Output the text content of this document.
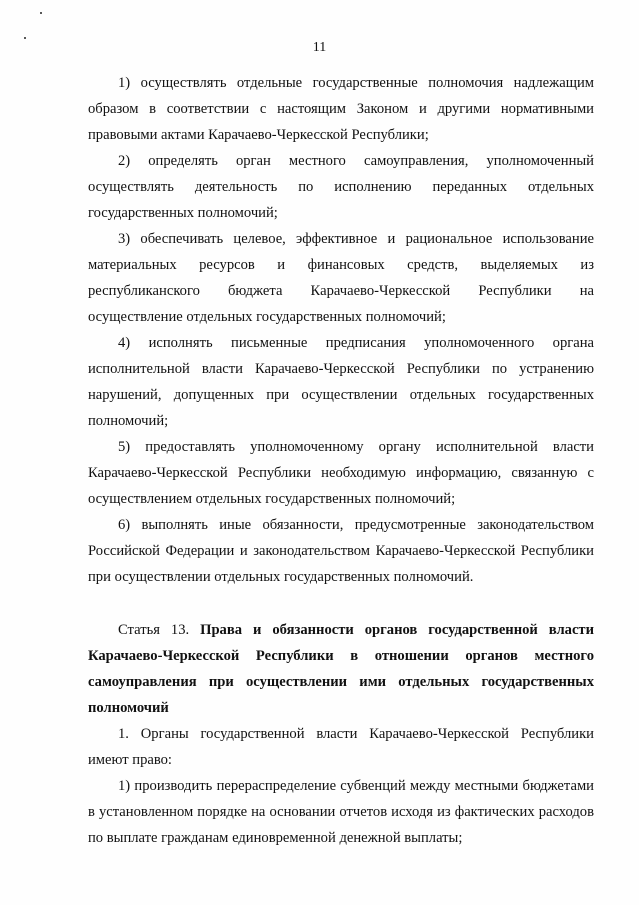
11

1) осуществлять отдельные государственные полномочия надлежащим образом в соответствии с настоящим Законом и другими нормативными правовыми актами Карачаево-Черкесской Республики;

2) определять орган местного самоуправления, уполномоченный осуществлять деятельность по исполнению переданных отдельных государственных полномочий;

3) обеспечивать целевое, эффективное и рациональное использование материальных ресурсов и финансовых средств, выделяемых из республиканского бюджета Карачаево-Черкесской Республики на осуществление отдельных государственных полномочий;

4) исполнять письменные предписания уполномоченного органа исполнительной власти Карачаево-Черкесской Республики по устранению нарушений, допущенных при осуществлении отдельных государственных полномочий;

5) предоставлять уполномоченному органу исполнительной власти Карачаево-Черкесской Республики необходимую информацию, связанную с осуществлением отдельных государственных полномочий;

6) выполнять иные обязанности, предусмотренные законодательством Российской Федерации и законодательством Карачаево-Черкесской Республики при осуществлении отдельных государственных полномочий.

Статья 13. Права и обязанности органов государственной власти Карачаево-Черкесской Республики в отношении органов местного самоуправления при осуществлении ими отдельных государственных полномочий

1. Органы государственной власти Карачаево-Черкесской Республики имеют право:

1) производить перераспределение субвенций между местными бюджетами в установленном порядке на основании отчетов исходя из фактических расходов по выплате гражданам единовременной денежной выплаты;
